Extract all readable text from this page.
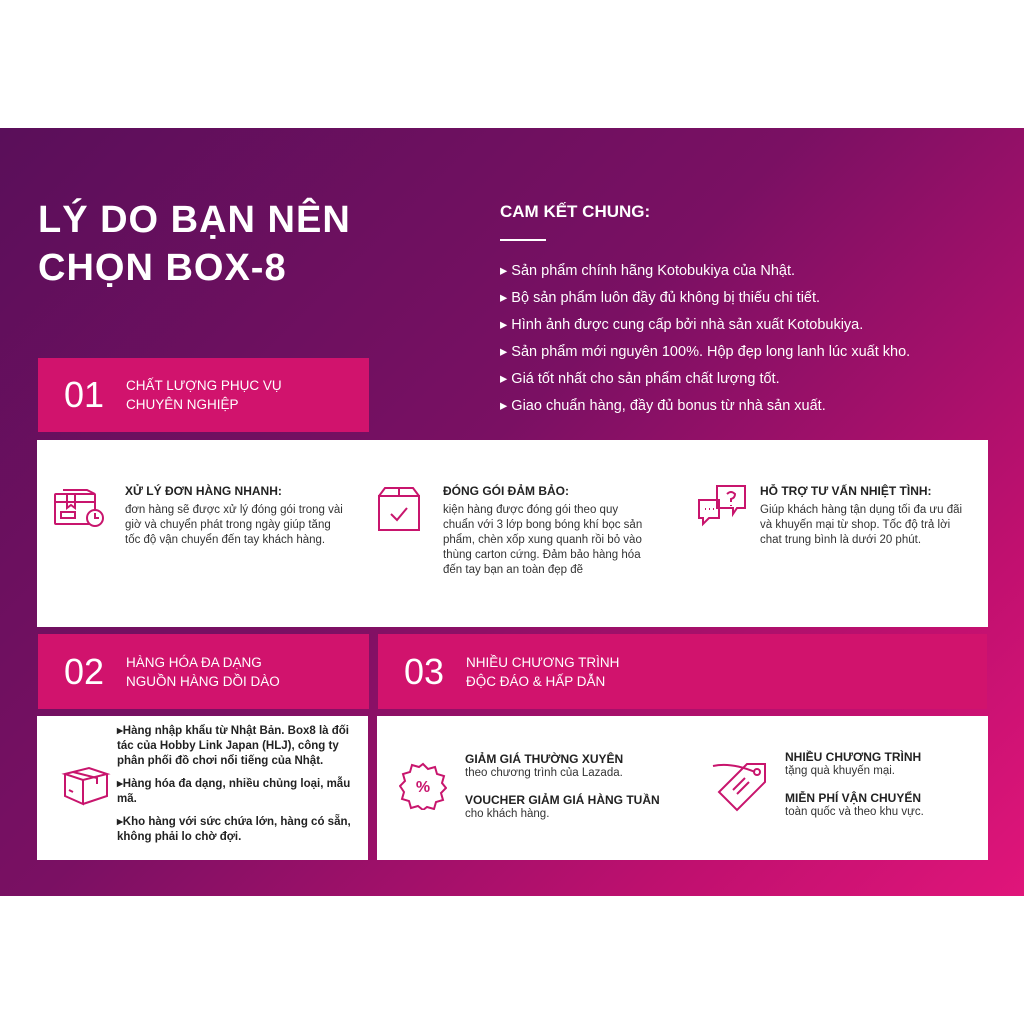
LÝ DO BẠN NÊN
CHỌN BOX-8
CAM KẾT CHUNG:
▸ Sản phẩm chính hãng Kotobukiya của Nhật.
▸ Bộ sản phẩm luôn đầy đủ không bị thiếu chi tiết.
▸ Hình ảnh được cung cấp bởi nhà sản xuất Kotobukiya.
▸ Sản phẩm mới nguyên 100%. Hộp đẹp long lanh lúc xuất kho.
▸ Giá tốt nhất cho sản phẩm chất lượng tốt.
▸ Giao chuẩn hàng, đầy đủ bonus từ nhà sản xuất.
01 CHẤT LƯỢNG PHỤC VỤ
CHUYÊN NGHIỆP
XỬ LÝ ĐƠN HÀNG NHANH:
đơn hàng sẽ được xử lý đóng gói trong vài giờ và chuyển phát trong ngày giúp tăng tốc độ vận chuyển đến tay khách hàng.
ĐÓNG GÓI ĐẢM BẢO:
kiện hàng được đóng gói theo quy chuẩn với 3 lớp bong bóng khí bọc sản phẩm, chèn xốp xung quanh rồi bỏ vào thùng carton cứng. Đảm bảo hàng hóa đến tay bạn an toàn đẹp đẽ
HỖ TRỢ TƯ VẤN NHIỆT TÌNH:
Giúp khách hàng tận dụng tối đa ưu đãi và khuyến mại từ shop. Tốc độ trả lời chat trung bình là dưới 20 phút.
02 HÀNG HÓA ĐA DẠNG
NGUỒN HÀNG DỒI DÀO	03 NHIỀU CHƯƠNG TRÌNH
ĐỘC ĐÁO & HẤP DẪN

▸Hàng nhập khẩu từ Nhật Bản. Box8 là đối tác của Hobby Link Japan (HLJ), công ty phân phối đồ chơi nổi tiếng của Nhật.

▸Hàng hóa đa dạng, nhiều chủng loại, mẫu mã.

▸Kho hàng với sức chứa lớn, hàng có sẵn, không phải lo chờ đợi.

%
GIẢM GIÁ THƯỜNG XUYÊN
theo chương trình của Lazada.
VOUCHER GIẢM GIÁ HÀNG TUẦN
cho khách hàng.
NHIỀU CHƯƠNG TRÌNH
tặng quà khuyến mại.
MIỄN PHÍ VẬN CHUYỂN
toàn quốc và theo khu vực.
